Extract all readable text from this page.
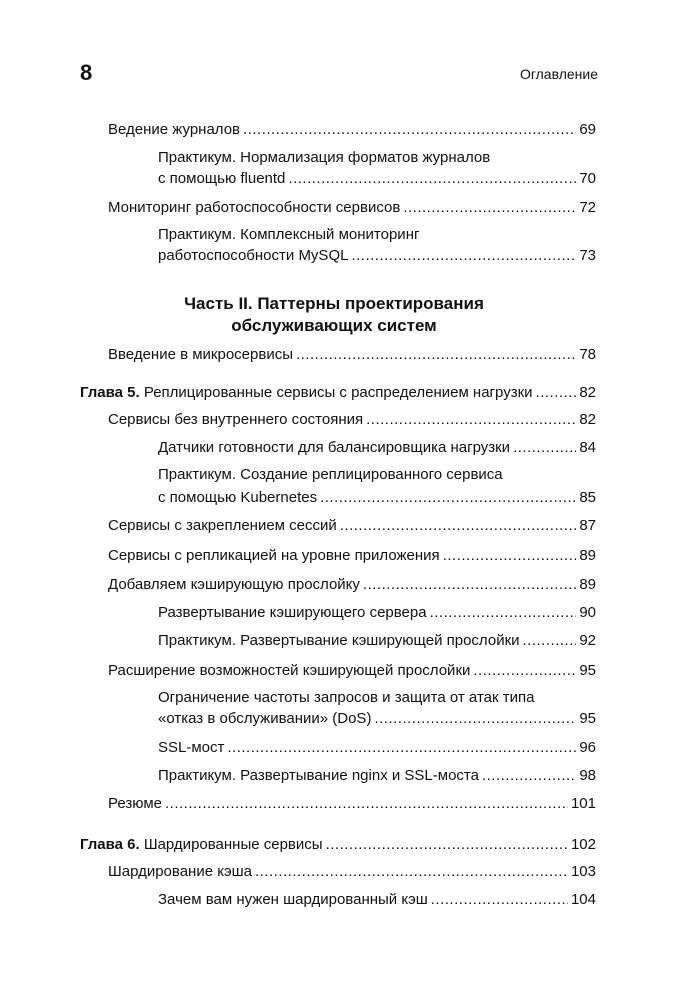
8	Оглавление
Ведение журналов .....	69
Практикум. Нормализация форматов журналов
с помощью fluentd .....	70
Мониторинг работоспособности сервисов .....	72
Практикум. Комплексный мониторинг
работоспособности MySQL .....	73
Часть II. Паттерны проектирования
обслуживающих систем
Введение в микросервисы .....	78
Глава 5. Реплицированные сервисы с распределением нагрузки .....	82
Сервисы без внутреннего состояния .....	82
Датчики готовности для балансировщика нагрузки .....	84
Практикум. Создание реплицированного сервиса
с помощью Kubernetes .....	85
Сервисы с закреплением сессий .....	87
Сервисы с репликацией на уровне приложения .....	89
Добавляем кэширующую прослойку .....	89
Развертывание кэширующего сервера .....	90
Практикум. Развертывание кэширующей прослойки .....	92
Расширение возможностей кэширующей прослойки .....	95
Ограничение частоты запросов и защита от атак типа
«отказ в обслуживании» (DoS) .....	95
SSL-мост .....	96
Практикум. Развертывание nginx и SSL-моста .....	98
Резюме .....	101
Глава 6. Шардированные сервисы .....	102
Шардирование кэша .....	103
Зачем вам нужен шардированный кэш .....	104
